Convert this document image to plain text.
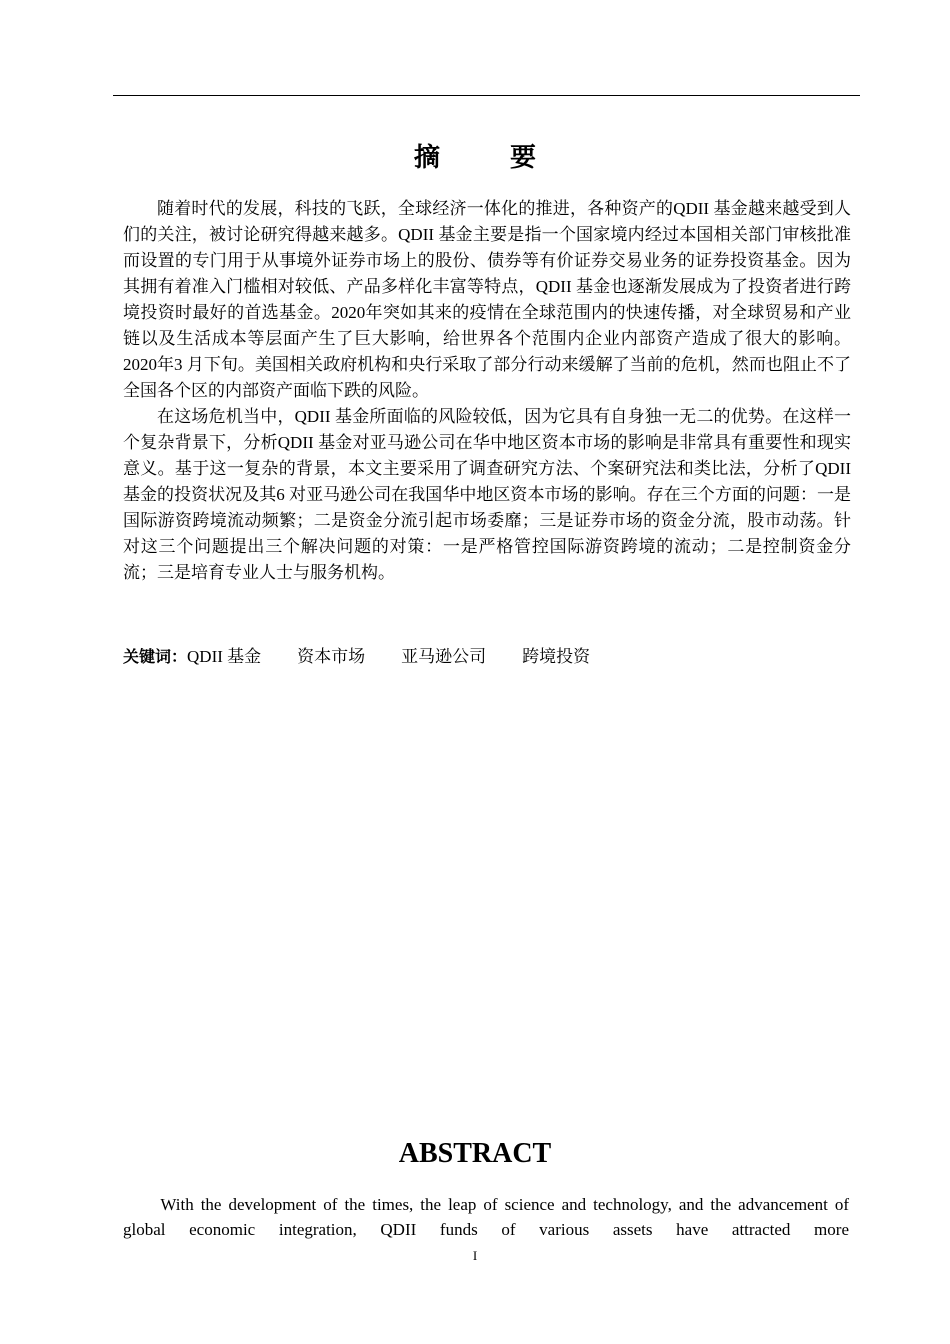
摘	要

随着时代的发展，科技的飞跃，全球经济一体化的推进，各种资产的QDII 基金越来越受到人们的关注，被讨论研究得越来越多。QDII 基金主要是指一个国家境内经过本国相关部门审核批准而设置的专门用于从事境外证券市场上的股份、债券等有价证券交易业务的证券投资基金。因为其拥有着准入门槛相对较低、产品多样化丰富等特点，QDII 基金也逐渐发展成为了投资者进行跨境投资时最好的首选基金。2020年突如其来的疫情在全球范围内的快速传播，对全球贸易和产业链以及生活成本等层面产生了巨大影响，给世界各个范围内企业内部资产造成了很大的影响。2020年3 月下旬。美国相关政府机构和央行采取了部分行动来缓解了当前的危机，然而也阻止不了全国各个区的内部资产面临下跌的风险。

在这场危机当中，QDII 基金所面临的风险较低，因为它具有自身独一无二的优势。在这样一个复杂背景下，分析QDII 基金对亚马逊公司在华中地区资本市场的影响是非常具有重要性和现实意义。基于这一复杂的背景，本文主要采用了调查研究方法、个案研究法和类比法，分析了QDII 基金的投资状况及其6 对亚马逊公司在我国华中地区资本市场的影响。存在三个方面的问题：一是国际游资跨境流动频繁；二是资金分流引起市场委靡；三是证券市场的资金分流，股市动荡。针对这三个问题提出三个解决问题的对策：一是严格管控国际游资跨境的流动；二是控制资金分流；三是培育专业人士与服务机构。

关键词：QDII 基金 资本市场 亚马逊公司 跨境投资
ABSTRACT

With the development of the times, the leap of science and technology, and the advancement of global economic integration, QDII funds of various assets have attracted more

I
